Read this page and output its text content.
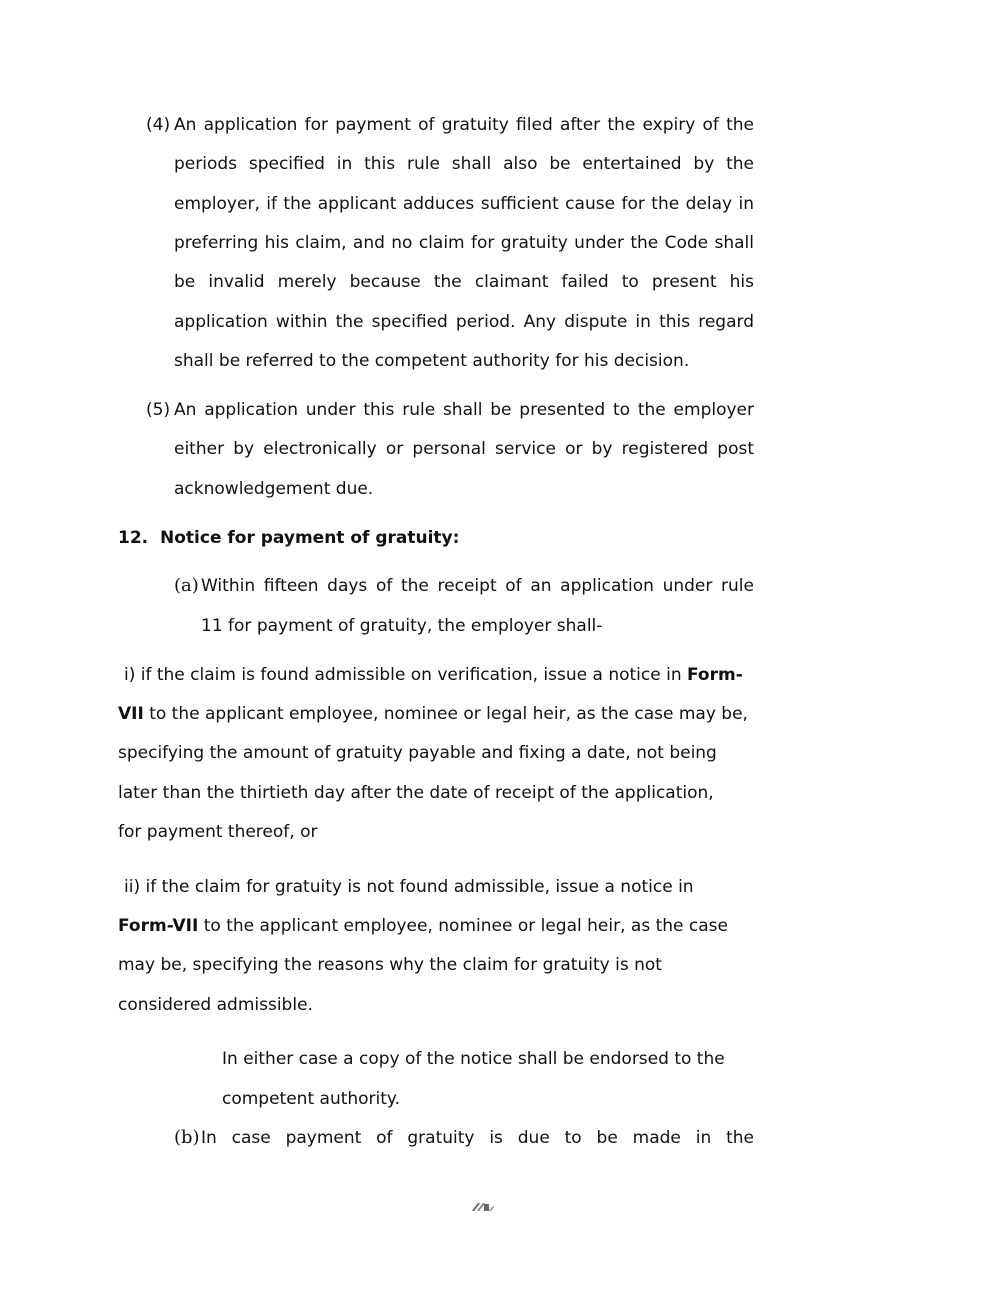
(4) An application for payment of gratuity filed after the expiry of the
periods specified in this rule shall also be entertained by the
employer, if the applicant adduces sufficient cause for the delay in
preferring his claim, and no claim for gratuity under the Code shall
be invalid merely because the claimant failed to present his
application within the specified period. Any dispute in this regard
shall be referred to the competent authority for his decision.
(5) An application under this rule shall be presented to the employer
either by electronically or personal service or by registered post
acknowledgement due.
12. Notice for payment of gratuity:
(a) Within fifteen days of the receipt of an application under rule
11 for payment of gratuity, the employer shall-
i) if the claim is found admissible on verification, issue a notice in Form-
VII to the applicant employee, nominee or legal heir, as the case may be,
specifying the amount of gratuity payable and fixing a date, not being
later than the thirtieth day after the date of receipt of the application,
for payment thereof, or
ii) if the claim for gratuity is not found admissible, issue a notice in
Form-VII to the applicant employee, nominee or legal heir, as the case
may be, specifying the reasons why the claim for gratuity is not
considered admissible.
In either case a copy of the notice shall be endorsed to the
competent authority.
(b) In case payment of gratuity is due to be made in the
